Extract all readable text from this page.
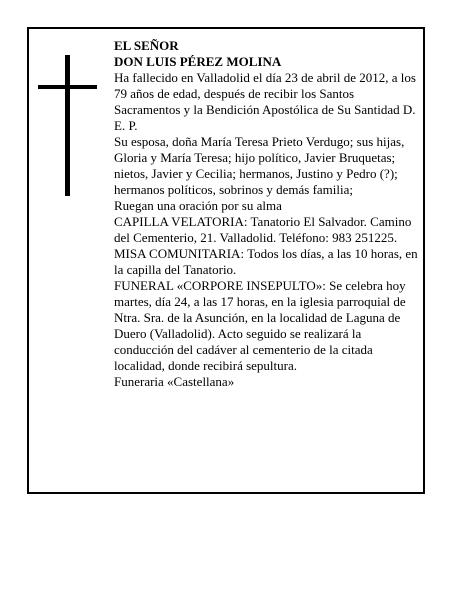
EL SEÑOR

DON LUIS PÉREZ MOLINA

Ha fallecido en Valladolid el día 23 de abril de 2012, a los 79 años de edad, después de recibir los Santos Sacramentos y la Bendición Apostólica de Su Santidad D. E. P.

Su esposa, doña María Teresa Prieto Verdugo; sus hijas, Gloria y María Teresa; hijo político, Javier Bruquetas; nietos, Javier y Cecilia; hermanos, Justino y Pedro (?); hermanos políticos, sobrinos y demás familia;

Ruegan una oración por su alma

CAPILLA VELATORIA: Tanatorio El Salvador. Camino del Cementerio, 21. Valladolid. Teléfono: 983 251225.

MISA COMUNITARIA: Todos los días, a las 10 horas, en la capilla del Tanatorio.

FUNERAL «CORPORE INSEPULTO»: Se celebra hoy martes, día 24, a las 17 horas, en la iglesia parroquial de Ntra. Sra. de la Asunción, en la localidad de Laguna de Duero (Valladolid). Acto seguido se realizará la conducción del cadáver al cementerio de la citada localidad, donde recibirá sepultura.

Funeraria «Castellana»
